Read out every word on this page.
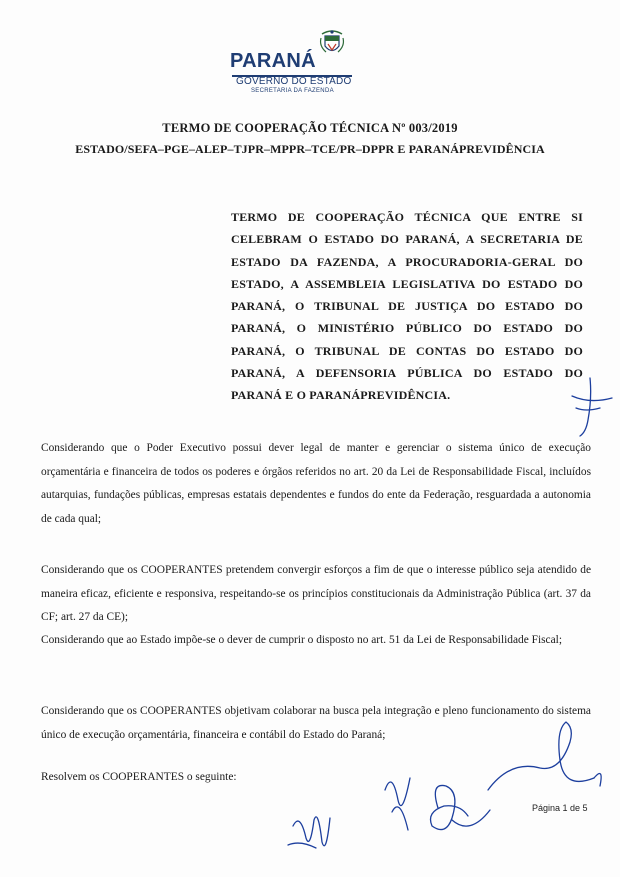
PARANÁ
GOVERNO DO ESTADO
SECRETARIA DA FAZENDA
TERMO DE COOPERAÇÃO TÉCNICA Nº 003/2019
ESTADO/SEFA–PGE–ALEP–TJPR–MPPR–TCE/PR–DPPR E PARANÁPREVIDÊNCIA
TERMO DE COOPERAÇÃO TÉCNICA QUE ENTRE SI CELEBRAM O ESTADO DO PARANÁ, A SECRETARIA DE ESTADO DA FAZENDA, A PROCURADORIA-GERAL DO ESTADO, A ASSEMBLEIA LEGISLATIVA DO ESTADO DO PARANÁ, O TRIBUNAL DE JUSTIÇA DO ESTADO DO PARANÁ, O MINISTÉRIO PÚBLICO DO ESTADO DO PARANÁ, O TRIBUNAL DE CONTAS DO ESTADO DO PARANÁ, A DEFENSORIA PÚBLICA DO ESTADO DO PARANÁ E O PARANÁPREVIDÊNCIA.
Considerando que o Poder Executivo possui dever legal de manter e gerenciar o sistema único de execução orçamentária e financeira de todos os poderes e órgãos referidos no art. 20 da Lei de Responsabilidade Fiscal, incluídos autarquias, fundações públicas, empresas estatais dependentes e fundos do ente da Federação, resguardada a autonomia de cada qual;
Considerando que os COOPERANTES pretendem convergir esforços a fim de que o interesse público seja atendido de maneira eficaz, eficiente e responsiva, respeitando-se os princípios constitucionais da Administração Pública (art. 37 da CF; art. 27 da CE);
Considerando que ao Estado impõe-se o dever de cumprir o disposto no art. 51 da Lei de Responsabilidade Fiscal;
Considerando que os COOPERANTES objetivam colaborar na busca pela integração e pleno funcionamento do sistema único de execução orçamentária, financeira e contábil do Estado do Paraná;
Resolvem os COOPERANTES o seguinte:
Página 1 de 5
